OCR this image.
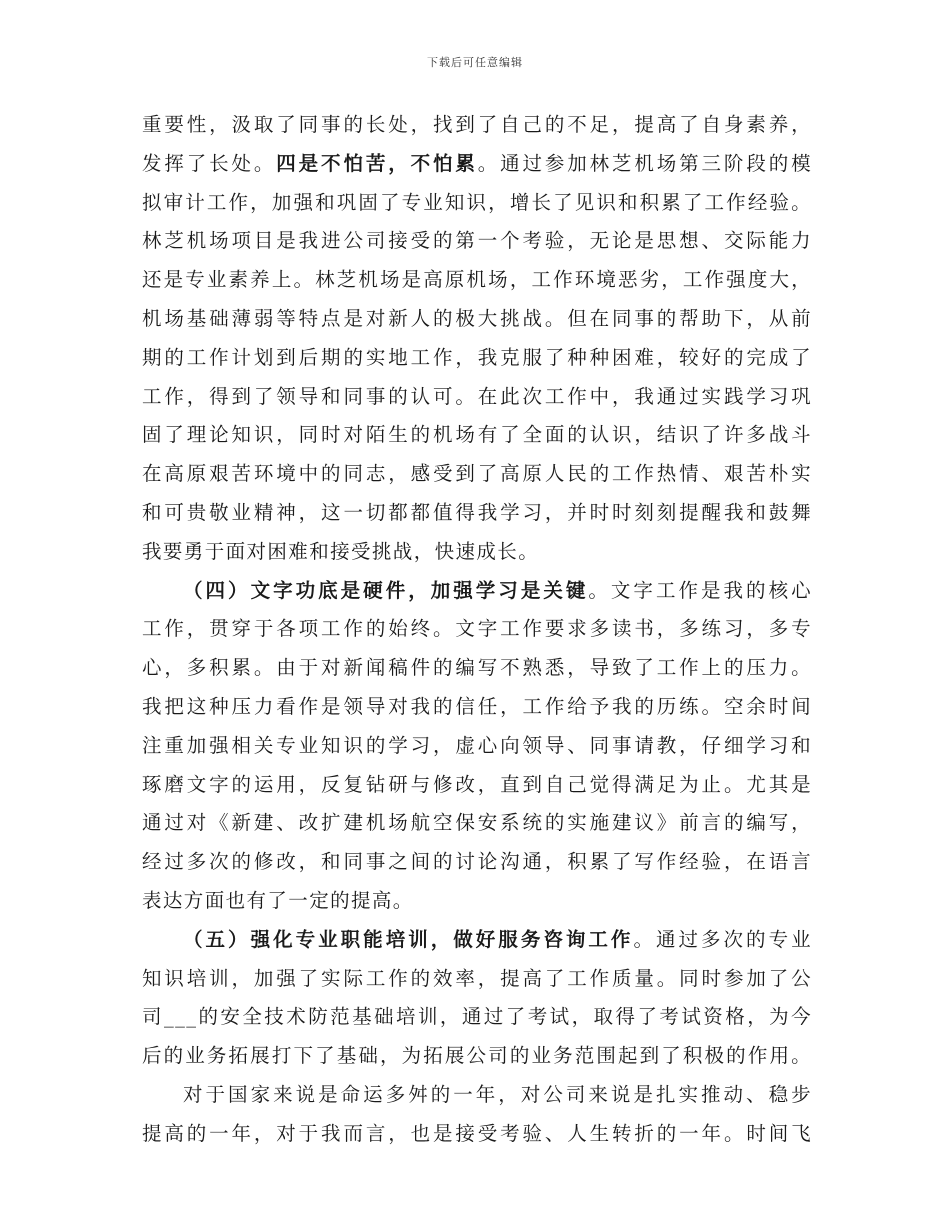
下载后可任意编辑
重要性，汲取了同事的长处，找到了自己的不足，提高了自身素养，
发挥了长处。四是不怕苦，不怕累。通过参加林芝机场第三阶段的模
拟审计工作，加强和巩固了专业知识，增长了见识和积累了工作经验。
林芝机场项目是我进公司接受的第一个考验，无论是思想、交际能力
还是专业素养上。林芝机场是高原机场，工作环境恶劣，工作强度大，
机场基础薄弱等特点是对新人的极大挑战。但在同事的帮助下，从前
期的工作计划到后期的实地工作，我克服了种种困难，较好的完成了
工作，得到了领导和同事的认可。在此次工作中，我通过实践学习巩
固了理论知识，同时对陌生的机场有了全面的认识，结识了许多战斗
在高原艰苦环境中的同志，感受到了高原人民的工作热情、艰苦朴实
和可贵敬业精神，这一切都都值得我学习，并时时刻刻提醒我和鼓舞
我要勇于面对困难和接受挑战，快速成长。
（四）文字功底是硬件，加强学习是关键。文字工作是我的核心
工作，贯穿于各项工作的始终。文字工作要求多读书，多练习，多专
心，多积累。由于对新闻稿件的编写不熟悉，导致了工作上的压力。
我把这种压力看作是领导对我的信任，工作给予我的历练。空余时间
注重加强相关专业知识的学习，虚心向领导、同事请教，仔细学习和
琢磨文字的运用，反复钻研与修改，直到自己觉得满足为止。尤其是
通过对《新建、改扩建机场航空保安系统的实施建议》前言的编写，
经过多次的修改，和同事之间的讨论沟通，积累了写作经验，在语言
表达方面也有了一定的提高。
（五）强化专业职能培训，做好服务咨询工作。通过多次的专业
知识培训，加强了实际工作的效率，提高了工作质量。同时参加了公
司___的安全技术防范基础培训，通过了考试，取得了考试资格，为今
后的业务拓展打下了基础，为拓展公司的业务范围起到了积极的作用。
对于国家来说是命运多舛的一年，对公司来说是扎实推动、稳步
提高的一年，对于我而言，也是接受考验、人生转折的一年。时间飞
